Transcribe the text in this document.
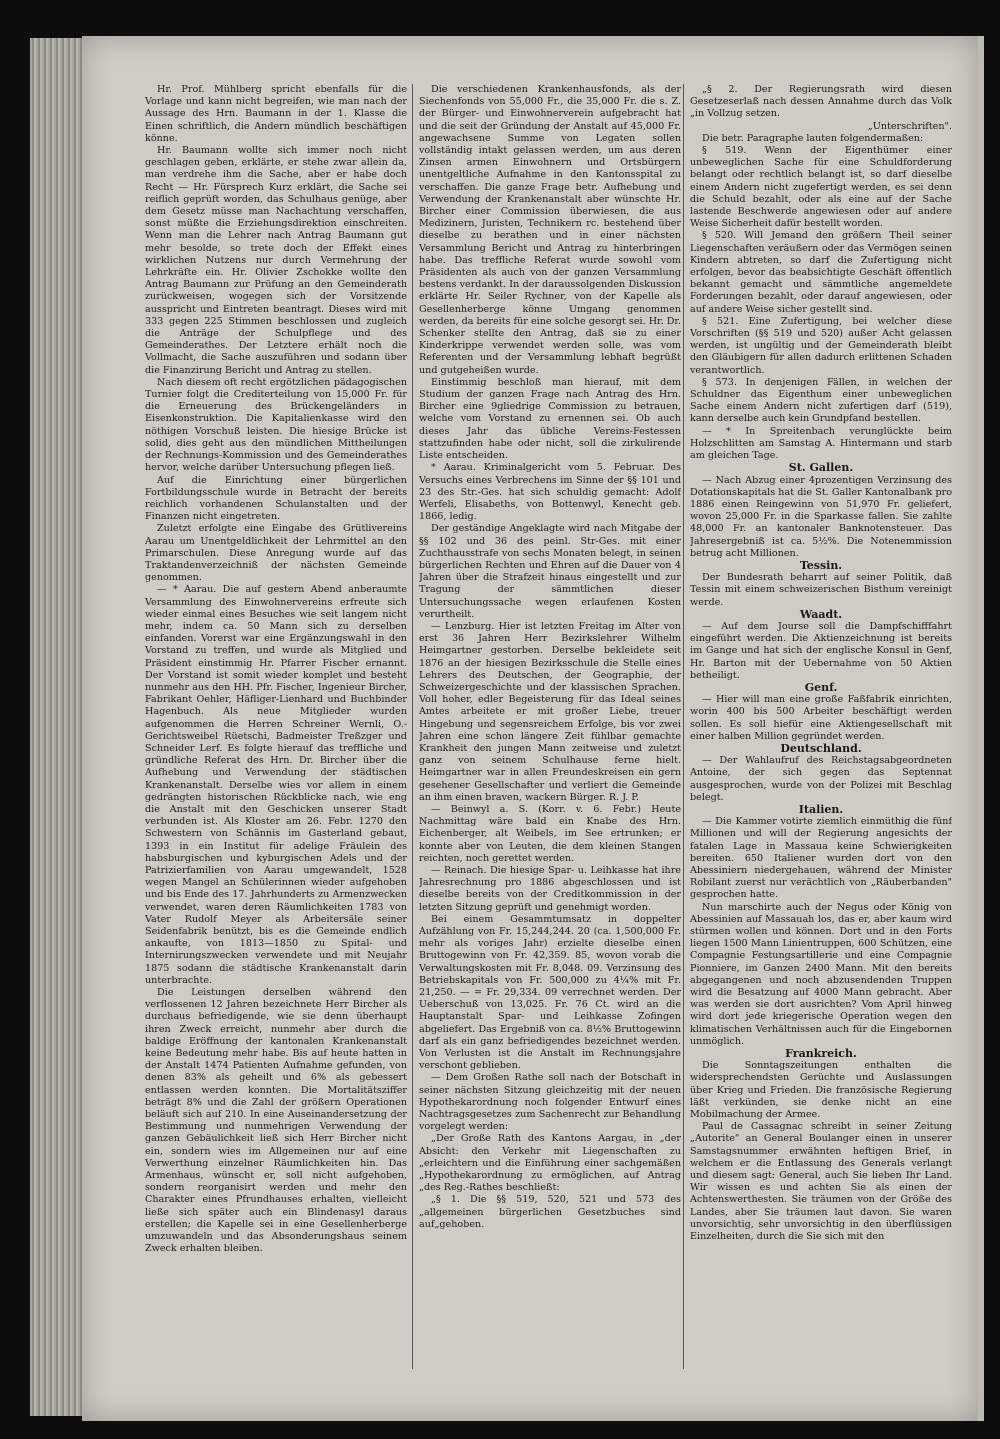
Hr. Prof. Mühlberg spricht ebenfalls für die Vorlage und kann nicht begreifen, wie man nach der Aussage des Hrn. Baumann in der 1. Klasse die Einen schriftlich, die Andern mündlich beschäftigen könne.

Hr. Baumann wollte sich immer noch nicht geschlagen geben, erklärte, er stehe zwar allein da, man verdrehe ihm die Sache, aber er habe doch Recht — Hr. Fürsprech Kurz erklärt, die Sache sei reiflich geprüft worden, das Schulhaus genüge, aber dem Gesetz müsse man Nachachtung verschaffen, sonst müßte die Erziehungsdirektion einschreiten. Wenn man die Lehrer nach Antrag Baumann gut mehr besolde, so trete doch der Effekt eines wirklichen Nutzens nur durch Vermehrung der Lehrkräfte ein. Hr. Olivier Zschokke wollte den Antrag Baumann zur Prüfung an den Gemeinderath zurückweisen, wogegen sich der Vorsitzende ausspricht und Eintreten beantragt. Dieses wird mit 333 gegen 225 Stimmen beschlossen und zugleich die Anträge der Schulpflege und des Gemeinderathes. Der Letztere erhält noch die Vollmacht, die Sache auszuführen und sodann über die Finanzirung Bericht und Antrag zu stellen.

Nach diesem oft recht ergötzlichen pädagogischen Turnier folgt die Crediterteilung von 15,000 Fr. für die Erneuerung des Brückengeländers in Eisenkonstruktion. Die Kapitalienkasse wird den nöthigen Vorschuß leisten. Die hiesige Brücke ist solid, dies geht aus den mündlichen Mittheilungen der Rechnungs-Kommission und des Gemeinderathes hervor, welche darüber Untersuchung pflegen ließ.

Auf die Einrichtung einer bürgerlichen Fortbildungsschule wurde in Betracht der bereits reichlich vorhandenen Schulanstalten und der Finanzen nicht eingetreten.

Zuletzt erfolgte eine Eingabe des Grütlivereins Aarau um Unentgeldlichkeit der Lehrmittel an den Primarschulen. Diese Anregung wurde auf das Traktandenverzeichniß der nächsten Gemeinde genommen.

— * Aarau. Die auf gestern Abend anberaumte Versammlung des Einwohnervereins erfreute sich wieder einmal eines Besuches wie seit langem nicht mehr, indem ca. 50 Mann sich zu derselben einfanden. Vorerst war eine Ergänzungswahl in den Vorstand zu treffen, und wurde als Mitglied und Präsident einstimmig Hr. Pfarrer Fischer ernannt. Der Vorstand ist somit wieder komplet und besteht nunmehr aus den HH. Pfr. Fischer, Ingenieur Bircher, Fabrikant Oehler, Häfliger-Lienhard und Buchbinder Hagenbuch. Als neue Mitglieder wurden aufgenommen die Herren Schreiner Wernli, O.-Gerichtsweibel Rüetschi, Badmeister Treßzger und Schneider Lerf. Es folgte hierauf das treffliche und gründliche Referat des Hrn. Dr. Bircher über die Aufhebung und Verwendung der städtischen Krankenanstalt. Derselbe wies vor allem in einem gedrängten historischen Rückblicke nach, wie eng die Anstalt mit den Geschicken unserer Stadt verbunden ist. Als Kloster am 26. Febr. 1270 den Schwestern von Schännis im Gasterland gebaut, 1393 in ein Institut für adelige Fräulein des habsburgischen und kyburgischen Adels und der Patrizierfamilien von Aarau umgewandelt, 1528 wegen Mangel an Schülerinnen wieder aufgehoben und bis Ende des 17. Jahrhunderts zu Armenzwecken verwendet, waren deren Räumlichkeiten 1783 von Vater Rudolf Meyer als Arbeitersäle seiner Seidenfabrik benützt, bis es die Gemeinde endlich ankaufte, von 1813—1850 zu Spital- und Internirungszwecken verwendete und mit Neujahr 1875 sodann die städtische Krankenanstalt darin unterbrachte.

Die Leistungen derselben während den verflossenen 12 Jahren bezeichnete Herr Bircher als durchaus befriedigende, wie sie denn überhaupt ihren Zweck erreicht, nunmehr aber durch die baldige Eröffnung der kantonalen Krankenanstalt keine Bedeutung mehr habe. Bis auf heute hatten in der Anstalt 1474 Patienten Aufnahme gefunden, von denen 83% als geheilt und 6% als gebessert entlassen werden konnten. Die Mortalitätsziffer beträgt 8% und die Zahl der größern Operationen beläuft sich auf 210. In eine Auseinandersetzung der Bestimmung und nunmehrigen Verwendung der ganzen Gebäulichkeit ließ sich Herr Bircher nicht ein, sondern wies im Allgemeinen nur auf eine Verwerthung einzelner Räumlichkeiten hin. Das Armenhaus, wünscht er, soll nicht aufgehoben, sondern reorganisirt werden und mehr den Charakter eines Pfrundhauses erhalten, vielleicht ließe sich später auch ein Blindenasyl daraus erstellen; die Kapelle sei in eine Gesellenherberge umzuwandeln und das Absonderungshaus seinem Zweck erhalten bleiben.

Die verschiedenen Krankenhausfonds, als der Siechenfonds von 55,000 Fr., die 35,000 Fr. die s. Z. der Bürger- und Einwohnerverein aufgebracht hat und die seit der Gründung der Anstalt auf 45,000 Fr. angewachsene Summe von Legaten sollen vollständig intakt gelassen werden, um aus deren Zinsen armen Einwohnern und Ortsbürgern unentgeltliche Aufnahme in den Kantonsspital zu verschaffen. Die ganze Frage betr. Aufhebung und Verwendung der Krankenanstalt aber wünschte Hr. Bircher einer Commission überwiesen, die aus Medizinern, Juristen, Technikern rc. bestehend über dieselbe zu berathen und in einer nächsten Versammlung Bericht und Antrag zu hinterbringen habe. Das treffliche Referat wurde sowohl vom Präsidenten als auch von der ganzen Versammlung bestens verdankt. In der daraussolgenden Diskussion erklärte Hr. Seiler Rychner, von der Kapelle als Gesellenherberge könne Umgang genommen werden, da bereits für eine solche gesorgt sei. Hr. Dr. Schenker stellte den Antrag, daß sie zu einer Kinderkrippe verwendet werden solle, was vom Referenten und der Versammlung lebhaft begrüßt und gutgeheißen wurde.

Einstimmig beschloß man hierauf, mit dem Studium der ganzen Frage nach Antrag des Hrn. Bircher eine 9gliedrige Commission zu betrauen, welche vom Vorstand zu ernennen sei. Ob auch dieses Jahr das übliche Vereins-Festessen stattzufinden habe oder nicht, soll die zirkulirende Liste entscheiden.

* Aarau. Kriminalgericht vom 5. Februar. Des Versuchs eines Verbrechens im Sinne der §§ 101 und 23 des Str.-Ges. hat sich schuldig gemacht: Adolf Werfeli, Elisabeths, von Bottenwyl, Kenecht geb. 1866, ledig.

Der geständige Angeklagte wird nach Mitgabe der §§ 102 und 36 des peinl. Str-Ges. mit einer Zuchthausstrafe von sechs Monaten belegt, in seinen bürgerlichen Rechten und Ehren auf die Dauer von 4 Jahren über die Strafzeit hinaus eingestellt und zur Tragung der sämmtlichen dieser Untersuchungssache wegen erlaufenen Kosten verurtheilt.

— Lenzburg. Hier ist letzten Freitag im Alter von erst 36 Jahren Herr Bezirkslehrer Wilhelm Heimgartner gestorben. Derselbe bekleidete seit 1876 an der hiesigen Bezirksschule die Stelle eines Lehrers des Deutschen, der Geographie, der Schweizergeschichte und der klassischen Sprachen. Voll hoher, edler Begeisterung für das Ideal seines Amtes arbeitete er mit großer Liebe, treuer Hingebung und segensreichem Erfolge, bis vor zwei Jahren eine schon längere Zeit fühlbar gemachte Krankheit den jungen Mann zeitweise und zuletzt ganz von seinem Schulhause ferne hielt. Heimgartner war in allen Freundeskreisen ein gern gesehener Gesellschafter und verliert die Gemeinde an ihm einen braven, wackern Bürger. R. J. P.

— Beinwyl a. S. (Korr. v. 6. Febr.) Heute Nachmittag wäre bald ein Knabe des Hrn. Eichenberger, alt Weibels, im See ertrunken; er konnte aber von Leuten, die dem kleinen Stangen reichten, noch gerettet werden.

— Reinach. Die hiesige Spar- u. Leihkasse hat ihre Jahresrechnung pro 1886 abgeschlossen und ist dieselbe bereits von der Creditkommission in der letzten Sitzung geprüft und genehmigt worden.

Bei einem Gesammtumsatz in doppelter Aufzählung von Fr. 15,244,244. 20 (ca. 1,500,000 Fr. mehr als voriges Jahr) erzielte dieselbe einen Bruttogewinn von Fr. 42,359. 85, wovon vorab die Verwaltungskosten mit Fr. 8,048. 09. Verzinsung des Betriebskapitals von Fr. 500,000 zu 4¼% mit Fr. 21,250. — = Fr. 29,334. 09 verrechnet werden. Der Ueberschuß von 13,025. Fr. 76 Ct. wird an die Hauptanstalt Spar- und Leihkasse Zofingen abgeliefert. Das Ergebniß von ca. 8½% Bruttogewinn darf als ein ganz befriedigendes bezeichnet werden. Von Verlusten ist die Anstalt im Rechnungsjahre verschont geblieben.

— Dem Großen Rathe soll nach der Botschaft in seiner nächsten Sitzung gleichzeitig mit der neuen Hypothekarordnung noch folgender Entwurf eines Nachtragsgesetzes zum Sachenrecht zur Behandlung vorgelegt werden:

„Der Große Rath des Kantons Aargau, in „der Absicht: den Verkehr mit Liegenschaften zu „erleichtern und die Einführung einer sachgemäßen „Hypothekarordnung zu ermöglichen, auf Antrag „des Reg.-Rathes beschließt:

„§ 1. Die §§ 519, 520, 521 und 573 des „allgemeinen bürgerlichen Gesetzbuches sind auf„gehoben.

„§ 2. Der Regierungsrath wird diesen Gesetzeserlaß nach dessen Annahme durch das Volk „in Vollzug setzen.

„Unterschriften".

Die betr. Paragraphe lauten folgendermaßen:

§ 519. Wenn der Eigenthümer einer unbeweglichen Sache für eine Schuldforderung belangt oder rechtlich belangt ist, so darf dieselbe einem Andern nicht zugefertigt werden, es sei denn die Schuld bezahlt, oder als eine auf der Sache lastende Beschwerde angewiesen oder auf andere Weise Sicherheit dafür bestellt worden.

§ 520. Will Jemand den größern Theil seiner Liegenschaften veräußern oder das Vermögen seinen Kindern abtreten, so darf die Zufertigung nicht erfolgen, bevor das beabsichtigte Geschäft öffentlich bekannt gemacht und sämmtliche angemeldete Forderungen bezahlt, oder darauf angewiesen, oder auf andere Weise sicher gestellt sind.

§ 521. Eine Zufertigung, bei welcher diese Vorschriften (§§ 519 und 520) außer Acht gelassen werden, ist ungültig und der Gemeinderath bleibt den Gläubigern für allen dadurch erlittenen Schaden verantwortlich.

§ 573. In denjenigen Fällen, in welchen der Schuldner das Eigenthum einer unbeweglichen Sache einem Andern nicht zufertigen darf (519), kann derselbe auch kein Grundpfand bestellen.

— * In Spreitenbach verunglückte beim Holzschlitten am Samstag A. Hintermann und starb am gleichen Tage.

St. Gallen.

— Nach Abzug einer 4prozentigen Verzinsung des Dotationskapitals hat die St. Galler Kantonalbank pro 1886 einen Reingewinn von 51,970 Fr. geliefert, wovon 25,000 Fr. in die Sparkasse fallen. Sie zahlte 48,000 Fr. an kantonaler Banknotensteuer. Das Jahresergebniß ist ca. 5½%. Die Notenemmission betrug acht Millionen.

Tessin.

Der Bundesrath beharrt auf seiner Politik, daß Tessin mit einem schweizerischen Bisthum vereinigt werde.

Waadt.

— Auf dem Jourse soll die Dampfschifffahrt eingeführt werden. Die Aktienzeichnung ist bereits im Gange und hat sich der englische Konsul in Genf, Hr. Barton mit der Uebernahme von 50 Aktien betheiligt.

Genf.

— Hier will man eine große Faßfabrik einrichten, worin 400 bis 500 Arbeiter beschäftigt werden sollen. Es soll hiefür eine Aktiengesellschaft mit einer halben Million gegründet werden.

Deutschland.

— Der Wahlaufruf des Reichstagsabgeordneten Antoine, der sich gegen das Septennat ausgesprochen, wurde von der Polizei mit Beschlag belegt.

Italien.

— Die Kammer votirte ziemlich einmüthig die fünf Millionen und will der Regierung angesichts der fatalen Lage in Massaua keine Schwierigkeiten bereiten. 650 Italiener wurden dort von den Abessiniern niedergehauen, während der Minister Robilant zuerst nur verächtlich von „Räuberbanden" gesprochen hatte.

Nun marschirte auch der Negus oder König von Abessinien auf Massauah los, das er, aber kaum wird stürmen wollen und können. Dort und in den Forts liegen 1500 Mann Linientruppen, 600 Schützen, eine Compagnie Festungsartillerie und eine Compagnie Pionniere, im Ganzen 2400 Mann. Mit den bereits abgegangenen und noch abzusendenden Truppen wird die Besatzung auf 4000 Mann gebracht. Aber was werden sie dort ausrichten? Vom April hinweg wird dort jede kriegerische Operation wegen den klimatischen Verhältnissen auch für die Eingebornen unmöglich.

Frankreich.

Die Sonntagszeitungen enthalten die widersprechendsten Gerüchte und Auslassungen über Krieg und Frieden. Die französische Regierung läßt verkünden, sie denke nicht an eine Mobilmachung der Armee.

Paul de Cassagnac schreibt in seiner Zeitung „Autorite" an General Boulanger einen in unserer Samstagsnummer erwähnten heftigen Brief, in welchem er die Entlassung des Generals verlangt und diesem sagt: General, auch Sie lieben Ihr Land. Wir wissen es und achten Sie als einen der Achtenswerthesten. Sie träumen von der Größe des Landes, aber Sie träumen laut davon. Sie waren unvorsichtig, sehr unvorsichtig in den überflüssigen Einzelheiten, durch die Sie sich mit den
